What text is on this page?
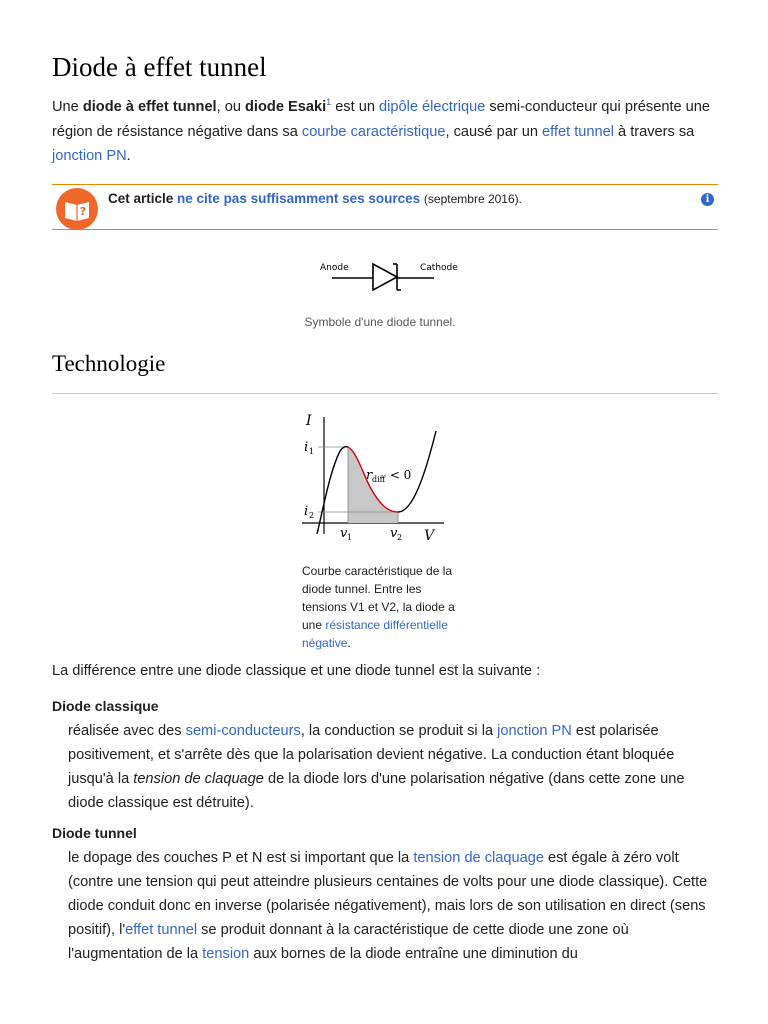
Diode à effet tunnel

Une diode à effet tunnel, ou diode Esaki$^1$ est un dipôle électrique semi-conducteur qui présente une région de résistance négative dans sa courbe caractéristique, causé par un effet tunnel à travers sa jonction PN.

?
Cet article ne cite pas suffisamment ses sources (septembre 2016).	i
Anode	Cathode
Symbole d'une diode tunnel.
Technologie
I
V
i 1
i 2
v 1	v 2
r diff < 0
Courbe caractéristique de la diode tunnel. Entre les tensions V1 et V2, la diode a une résistance différentielle négative.

La différence entre une diode classique et une diode tunnel est la suivante :

Diode classique

réalisée avec des semi-conducteurs, la conduction se produit si la jonction PN est polarisée positivement, et s'arrête dès que la polarisation devient négative. La conduction étant bloquée jusqu'à la tension de claquage de la diode lors d'une polarisation négative (dans cette zone une diode classique est détruite).

Diode tunnel

le dopage des couches P et N est si important que la tension de claquage est égale à zéro volt (contre une tension qui peut atteindre plusieurs centaines de volts pour une diode classique). Cette diode conduit donc en inverse (polarisée négativement), mais lors de son utilisation en direct (sens positif), l'effet tunnel se produit donnant à la caractéristique de cette diode une zone où l'augmentation de la tension aux bornes de la diode entraîne une diminution du
